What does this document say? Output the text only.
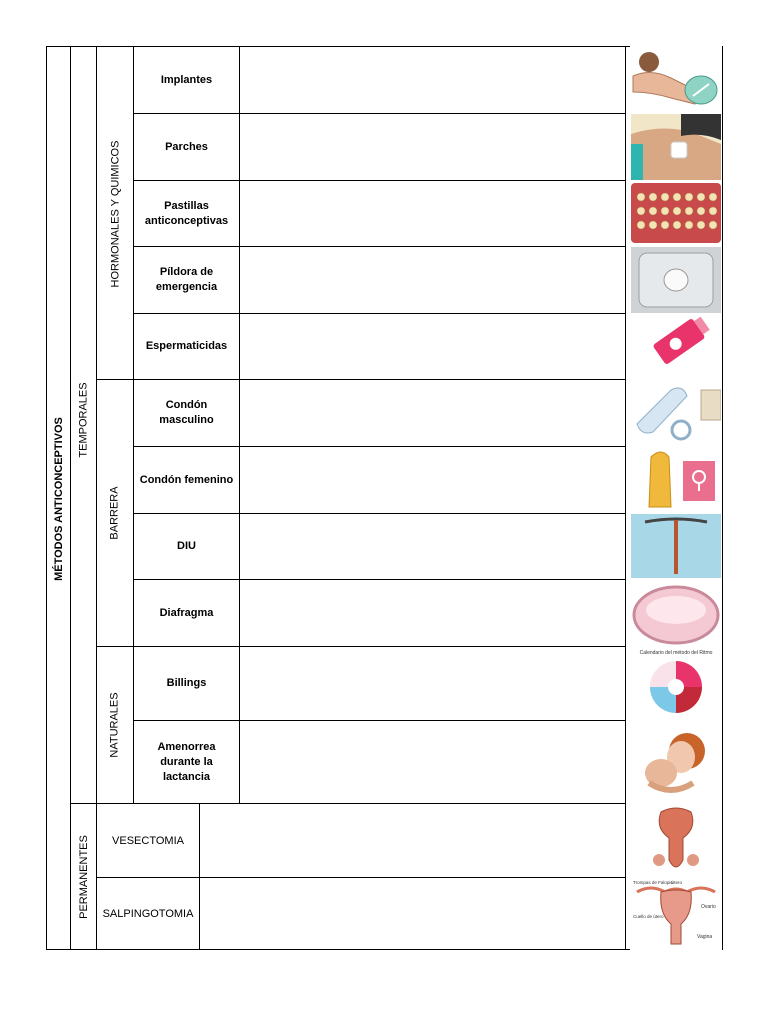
MÉTODOS ANTICONCEPTIVOS TEMPORALES
PERMANENTES
HORMONALES Y QUIMICOS
BARRERA
NATURALES
Implantes
Parches
Pastillas
anticonceptivas
Píldora de
emergencia
Espermaticidas
Condón
masculino
Condón femenino
DIU
Diafragma
Billings
Amenorrea
durante la
lactancia
VESECTOMIA
SALPINGOTOMIA
Calendario del método del Ritmo
Trompas de Falopio
Útero
Ovario
Cuello de útero
Vagina
